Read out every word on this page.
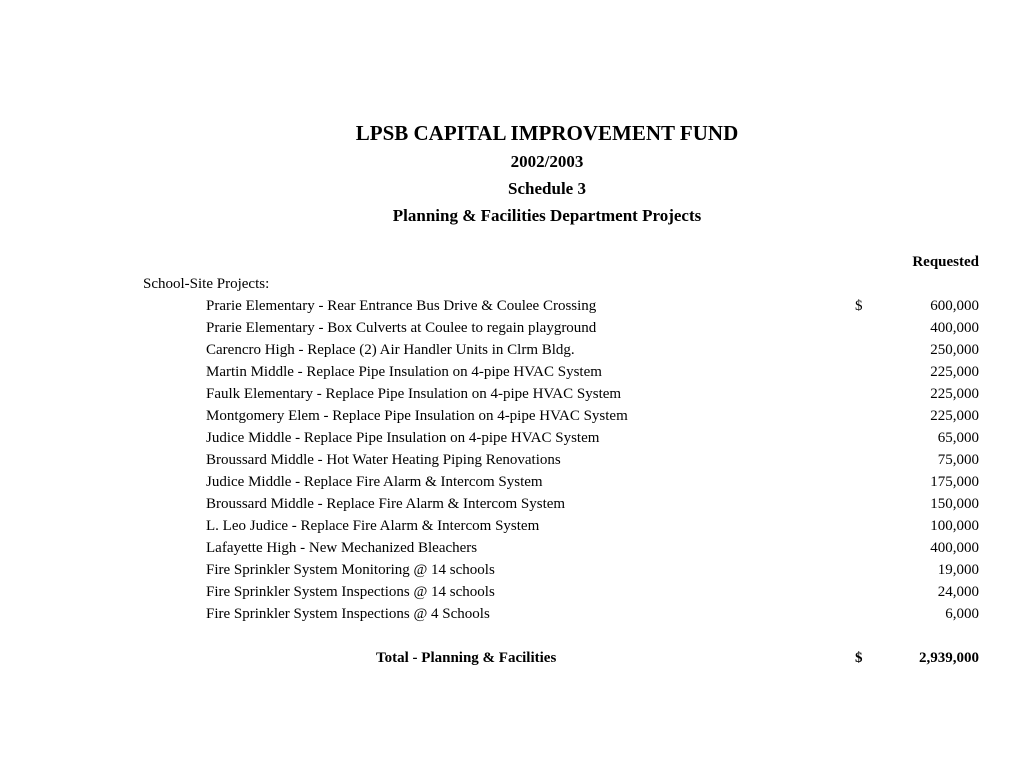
LPSB CAPITAL IMPROVEMENT FUND
2002/2003
Schedule 3
Planning & Facilities Department Projects
Requested
School-Site Projects:
Prarie Elementary - Rear Entrance Bus Drive & Coulee Crossing	$	600,000
Prarie Elementary - Box Culverts at Coulee to regain playground	400,000
Carencro High - Replace (2) Air Handler Units in Clrm Bldg.	250,000
Martin Middle - Replace Pipe Insulation on 4-pipe HVAC System	225,000
Faulk Elementary - Replace Pipe Insulation on 4-pipe HVAC System	225,000
Montgomery Elem - Replace Pipe Insulation on 4-pipe HVAC System	225,000
Judice Middle - Replace Pipe Insulation on 4-pipe HVAC System	65,000
Broussard Middle - Hot Water Heating Piping Renovations	75,000
Judice Middle - Replace Fire Alarm & Intercom System	175,000
Broussard Middle - Replace Fire Alarm & Intercom System	150,000
L. Leo Judice - Replace Fire Alarm & Intercom System	100,000
Lafayette High - New Mechanized Bleachers	400,000
Fire Sprinkler System Monitoring @ 14 schools	19,000
Fire Sprinkler System Inspections @ 14 schools	24,000
Fire Sprinkler System Inspections @ 4 Schools	6,000
Total - Planning & Facilities	$	2,939,000
